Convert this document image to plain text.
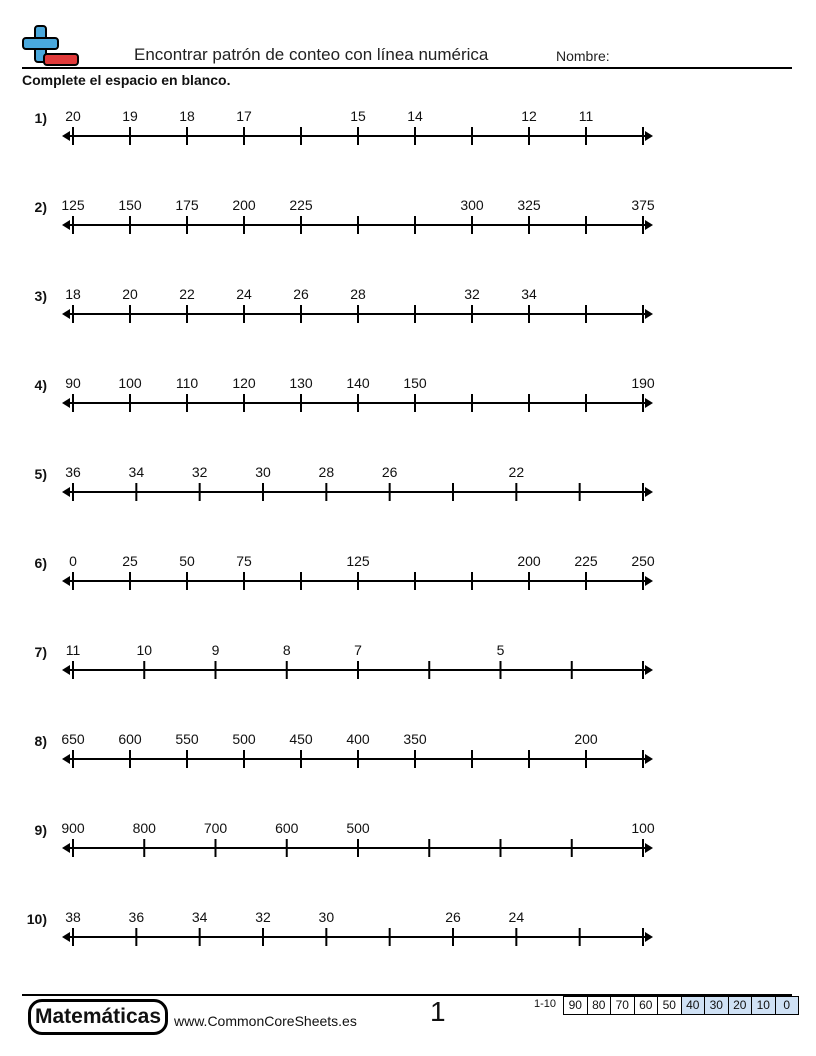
Encontrar patrón de conteo con línea numérica	Nombre:
Complete el espacio en blanco.
1) 20	19	18	17	15	14	12	11
2) 125 150 175 200 225	300 325	375
3) 18	20	22	24	26	28	32	34
4) 90	100 110 120 130 140 150	190
5) 36	34	32	30	28	26	22
6) 0	25	50	75	125	200 225 250
7) 11	10	9	8	7	5
8) 650 600 550 500 450 400 350	200
9) 900	800	700	600	500	100
10) 38	36	34	32	30	26	24
Matemáticas www.CommonCoreSheets.es	1	1-10	90 80 70 60 50 40 30 20 10	0
